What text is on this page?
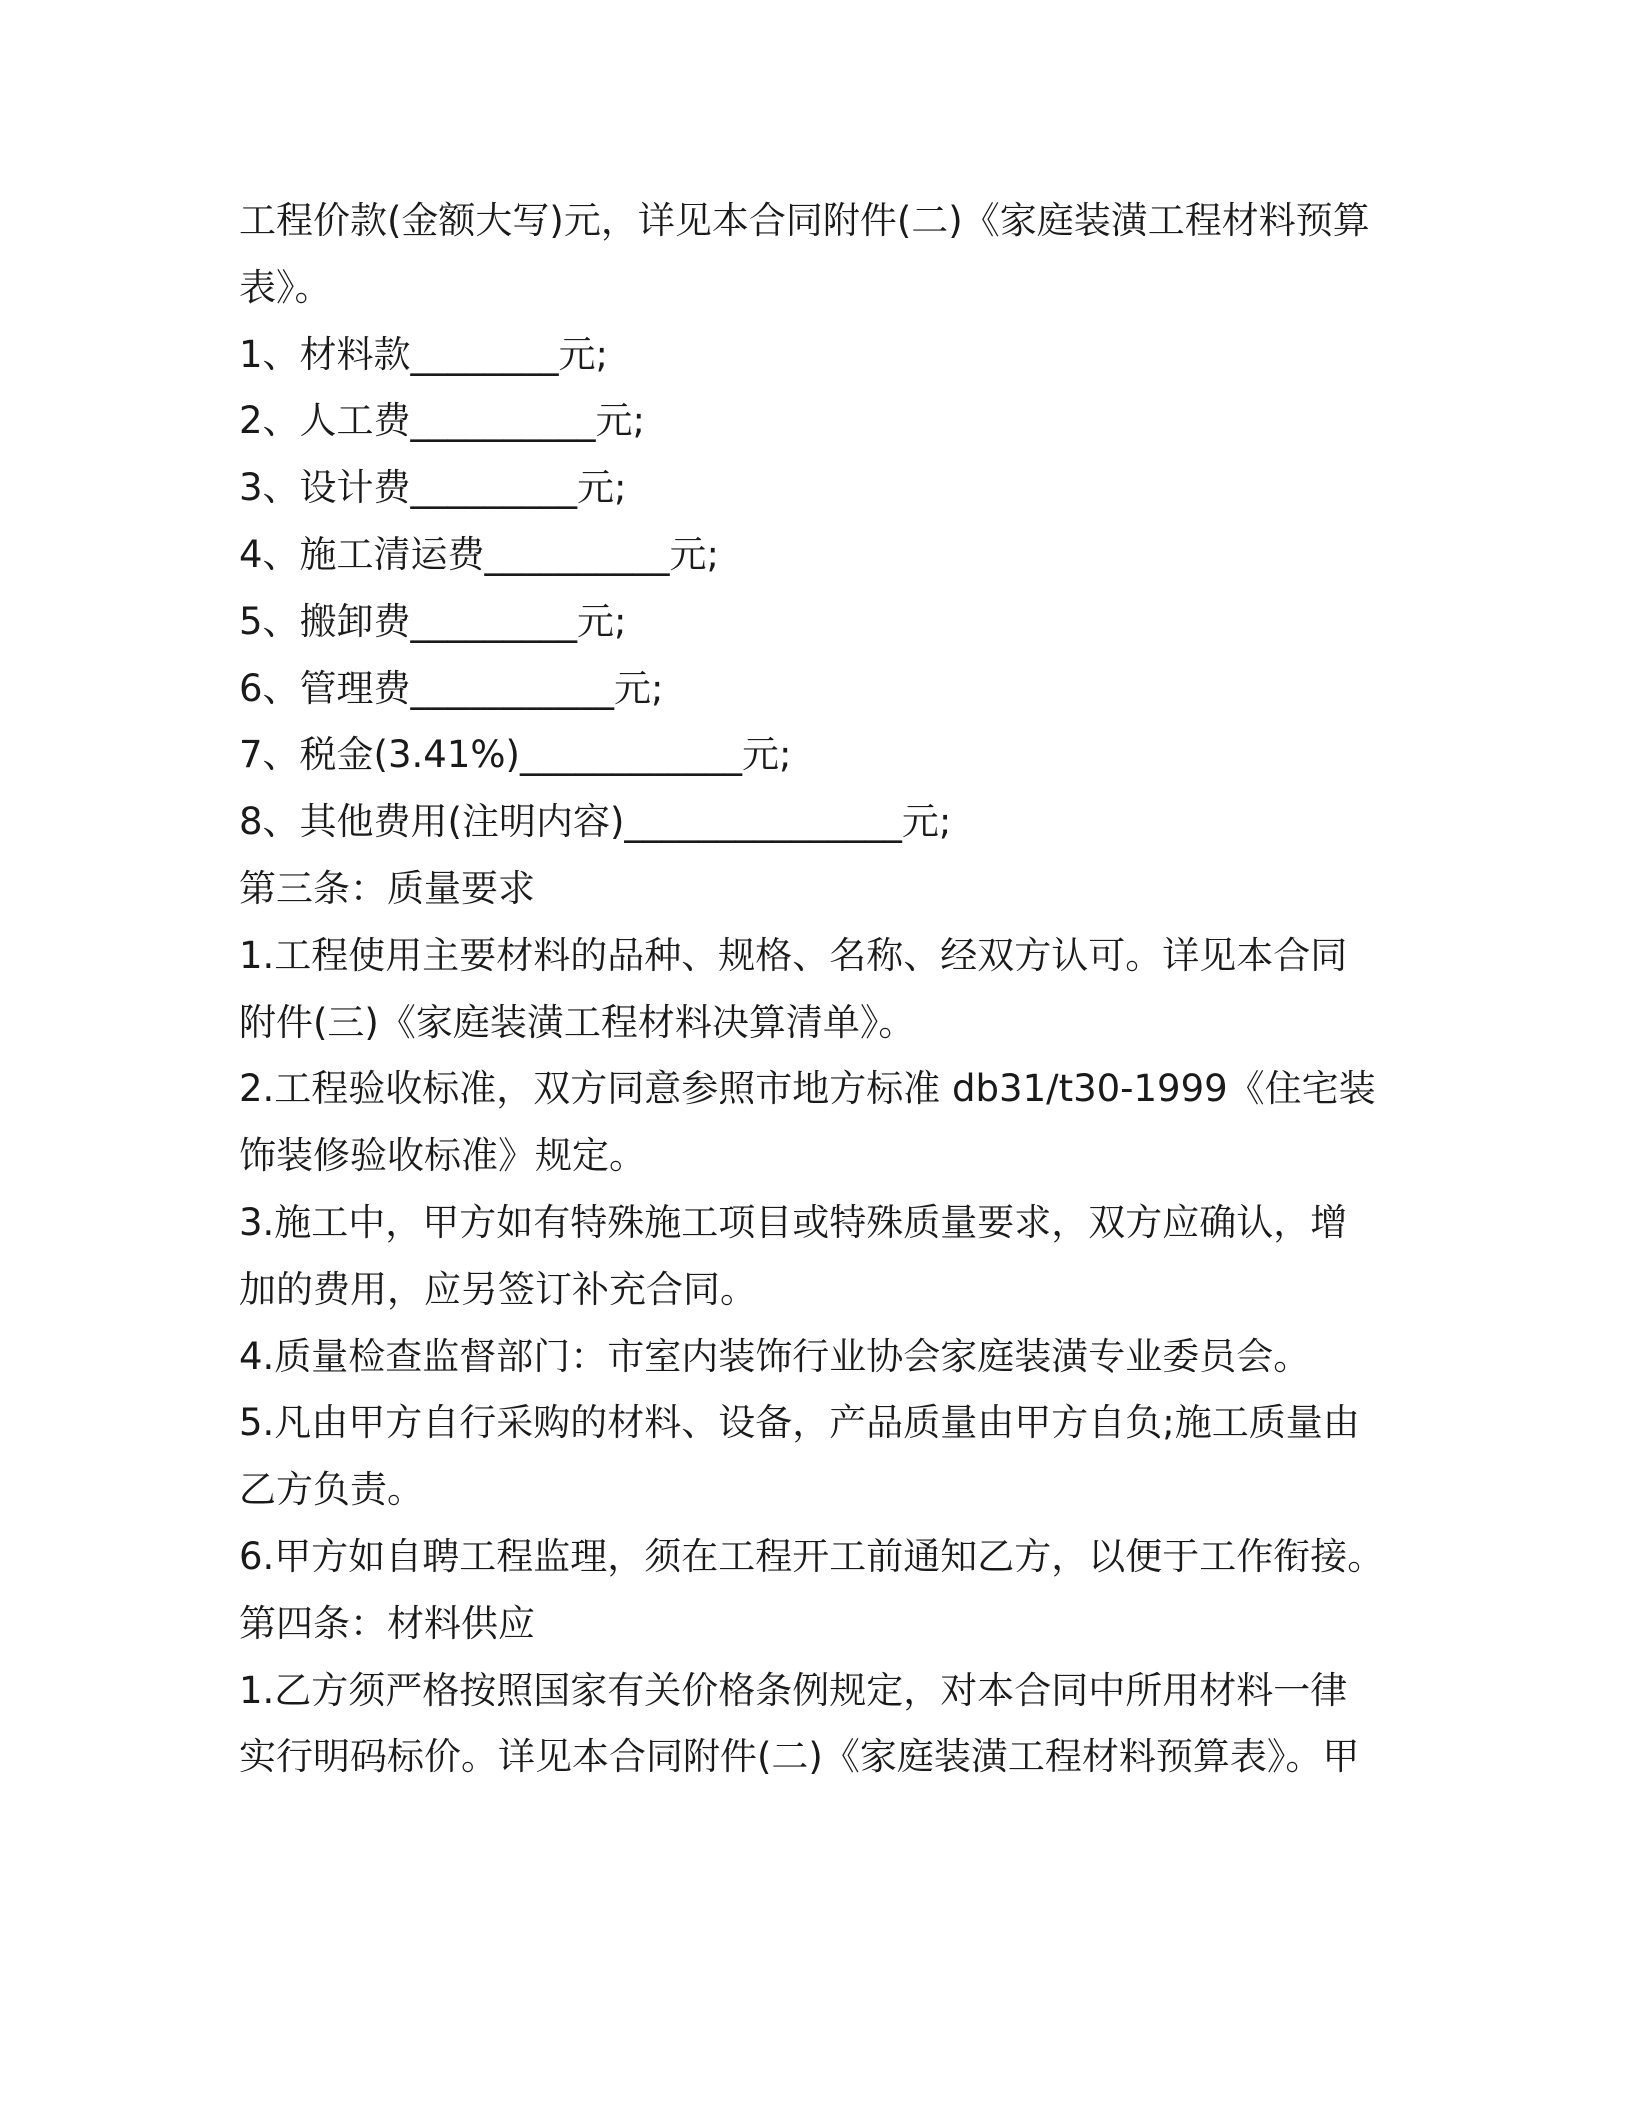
工程价款(金额大写)元，详见本合同附件(二)《家庭装潢工程材料预算
表》。
1、材料款________元;
2、人工费__________元;
3、设计费_________元;
4、施工清运费__________元;
5、搬卸费_________元;
6、管理费___________元;
7、税金(3.41%)____________元;
8、其他费用(注明内容)_______________元;
第三条：质量要求
1.工程使用主要材料的品种、规格、名称、经双方认可。详见本合同
附件(三)《家庭装潢工程材料决算清单》。
2.工程验收标准，双方同意参照市地方标准 db31/t30-1999《住宅装
饰装修验收标准》规定。
3.施工中，甲方如有特殊施工项目或特殊质量要求，双方应确认，增
加的费用，应另签订补充合同。
4.质量检查监督部门：市室内装饰行业协会家庭装潢专业委员会。
5.凡由甲方自行采购的材料、设备，产品质量由甲方自负;施工质量由
乙方负责。
6.甲方如自聘工程监理，须在工程开工前通知乙方，以便于工作衔接。
第四条：材料供应
1.乙方须严格按照国家有关价格条例规定，对本合同中所用材料一律
实行明码标价。详见本合同附件(二)《家庭装潢工程材料预算表》。甲
